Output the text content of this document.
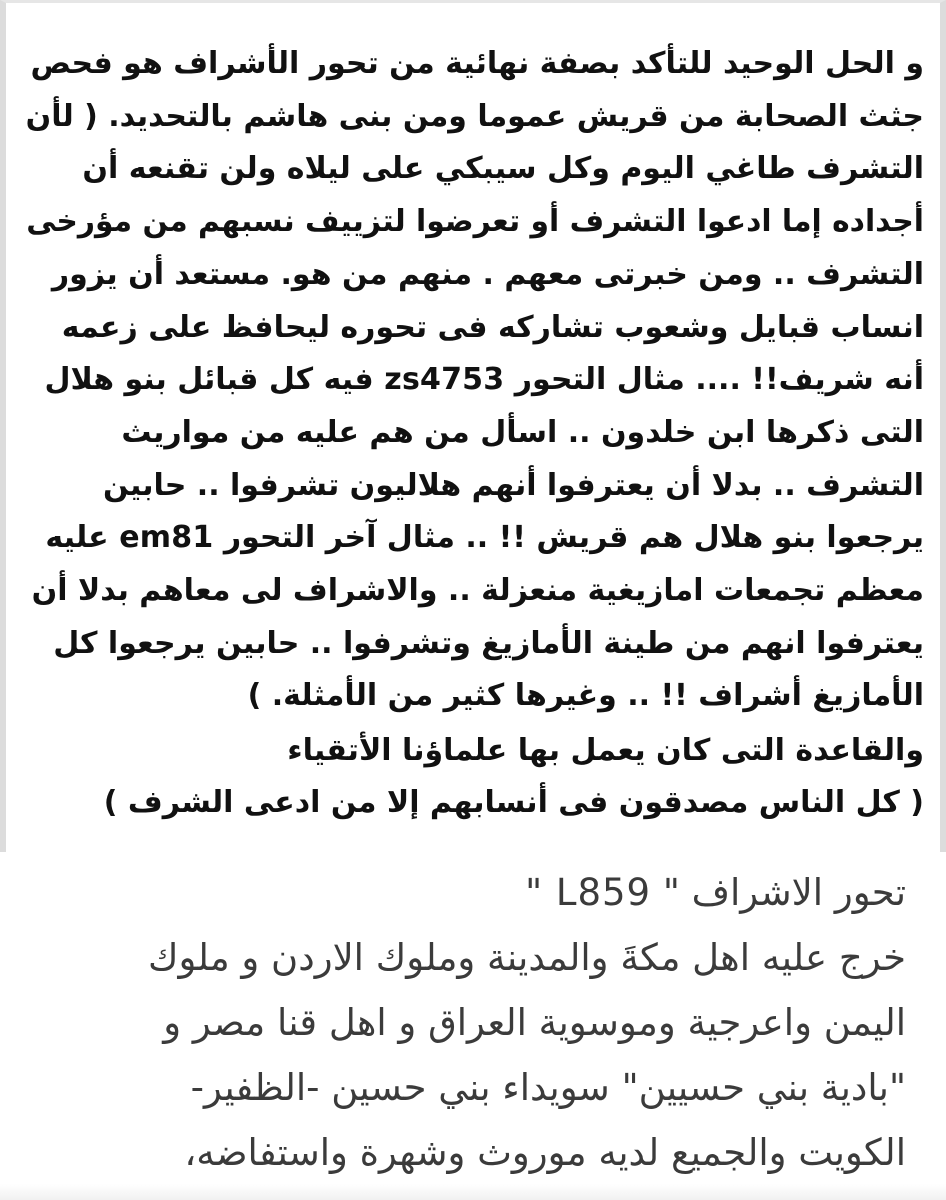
و الحل الوحيد للتأكد بصفة نهائية من تحور الأشراف هو فحص
جثث الصحابة من قريش عموما ومن بنى هاشم بالتحديد. ( لأن
التشرف طاغي اليوم وكل سيبكي على ليلاه ولن تقنعه أن
أجداده إما ادعوا التشرف أو تعرضوا لتزييف نسبهم من مؤرخى
التشرف .. ومن خبرتى معهم . منهم من هو. مستعد أن يزور
انساب قبايل وشعوب تشاركه فى تحوره ليحافظ على زعمه
أنه شريف!! .... مثال التحور zs4753 فيه كل قبائل بنو هلال
التى ذكرها ابن خلدون .. اسأل من هم عليه من مواريث
التشرف .. بدلا أن يعترفوا أنهم هلاليون تشرفوا .. حابين
يرجعوا بنو هلال هم قريش !! .. مثال آخر التحور em81 عليه
معظم تجمعات امازيغية منعزلة .. والاشراف لى معاهم بدلا أن
يعترفوا انهم من طينة الأمازيغ وتشرفوا .. حابين يرجعوا كل
الأمازيغ أشراف !! .. وغيرها كثير من الأمثلة. )
والقاعدة التى كان يعمل بها علماؤنا الأتقياء
( كل الناس مصدقون فى أنسابهم إلا من ادعى الشرف )
تحور الاشراف " L859 "
خرج عليه اهل مكةَ والمدينة وملوك الاردن و ملوك
اليمن واعرجية وموسوية العراق و اهل قنا مصر و
"بادية بني حسيين" سويداء بني حسين -الظفير-
الكويت والجميع لديه موروث وشهرة واستفاضه،
